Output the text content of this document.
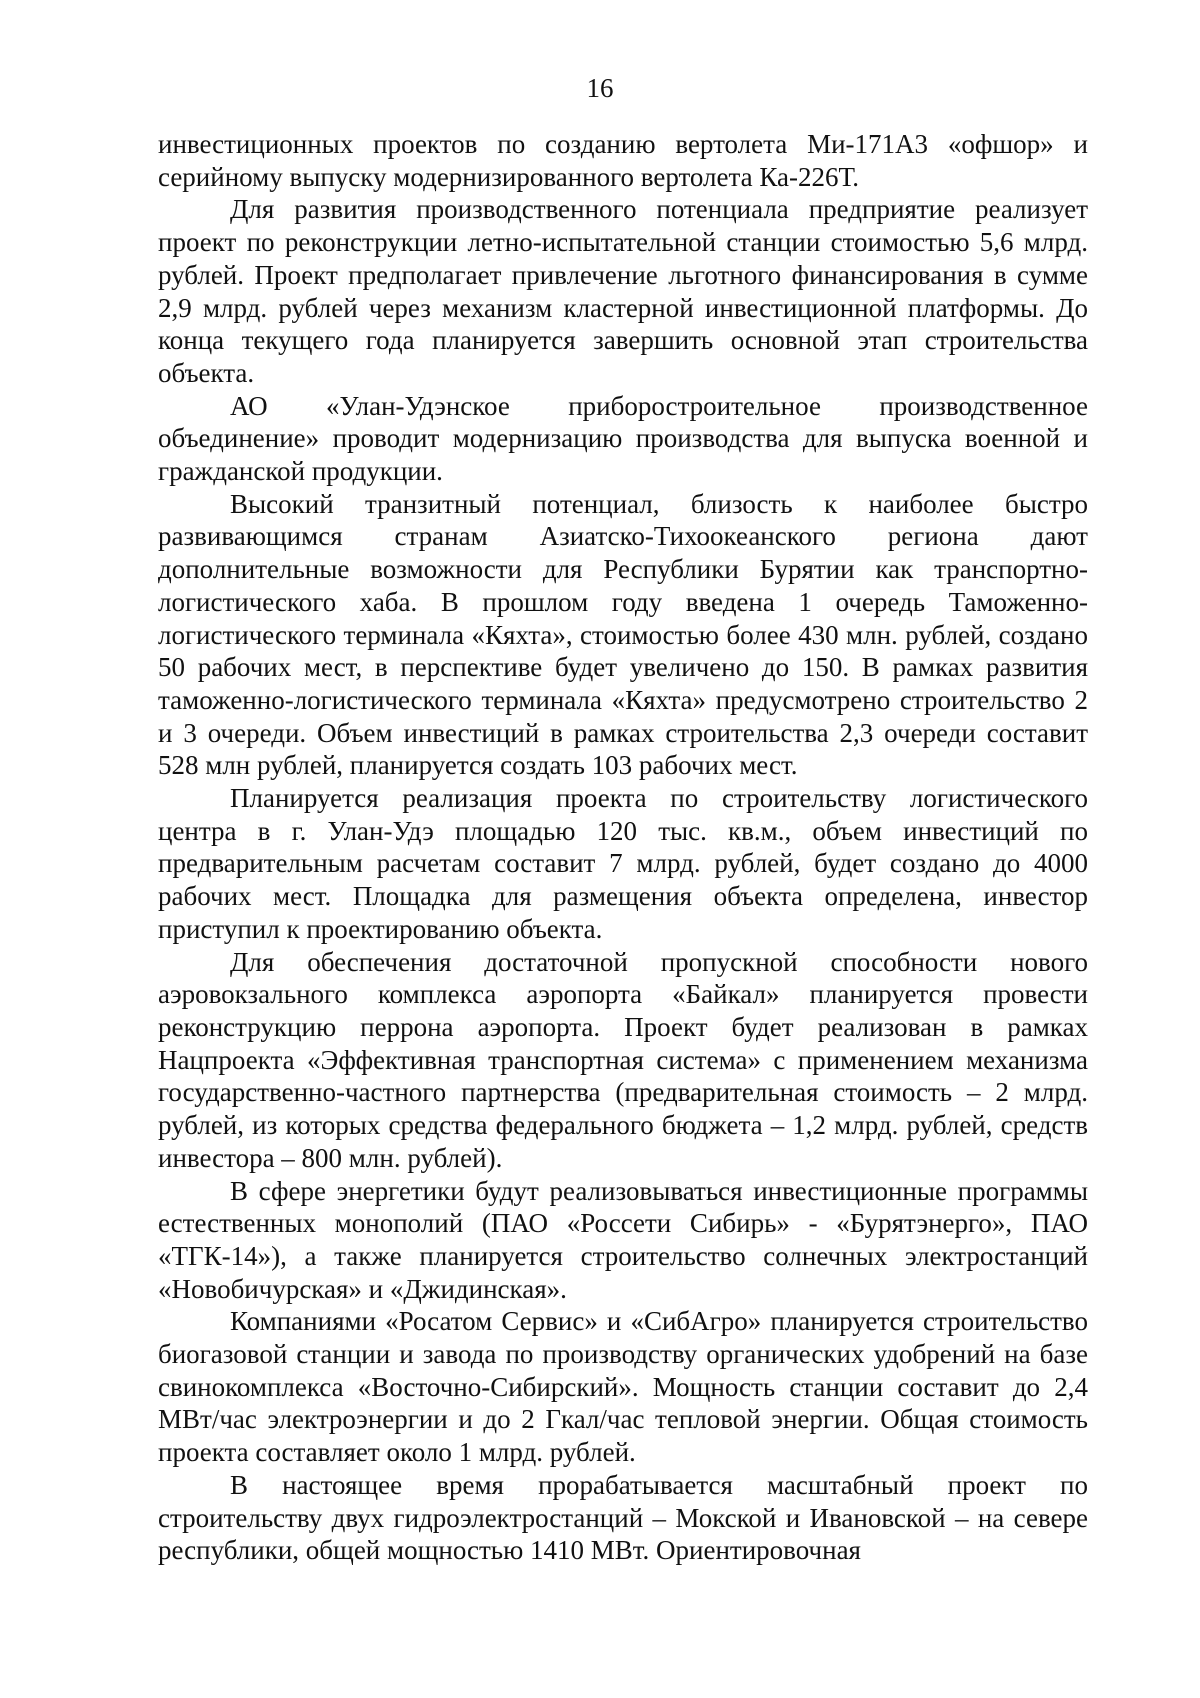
16

инвестиционных проектов по созданию вертолета Ми-171А3 «офшор» и серийному выпуску модернизированного вертолета Ка-226Т.

Для развития производственного потенциала предприятие реализует проект по реконструкции летно-испытательной станции стоимостью 5,6 млрд. рублей. Проект предполагает привлечение льготного финансирования в сумме 2,9 млрд. рублей через механизм кластерной инвестиционной платформы. До конца текущего года планируется завершить основной этап строительства объекта.

АО «Улан-Удэнское приборостроительное производственное объединение» проводит модернизацию производства для выпуска военной и гражданской продукции.

Высокий транзитный потенциал, близость к наиболее быстро развивающимся странам Азиатско-Тихоокеанского региона дают дополнительные возможности для Республики Бурятии как транспортно-логистического хаба. В прошлом году введена 1 очередь Таможенно-логистического терминала «Кяхта», стоимостью более 430 млн. рублей, создано 50 рабочих мест, в перспективе будет увеличено до 150. В рамках развития таможенно-логистического терминала «Кяхта» предусмотрено строительство 2 и 3 очереди. Объем инвестиций в рамках строительства 2,3 очереди составит 528 млн рублей, планируется создать 103 рабочих мест.

Планируется реализация проекта по строительству логистического центра в г. Улан-Удэ площадью 120 тыс. кв.м., объем инвестиций по предварительным расчетам составит 7 млрд. рублей, будет создано до 4000 рабочих мест. Площадка для размещения объекта определена, инвестор приступил к проектированию объекта.

Для обеспечения достаточной пропускной способности нового аэровокзального комплекса аэропорта «Байкал» планируется провести реконструкцию перрона аэропорта. Проект будет реализован в рамках Нацпроекта «Эффективная транспортная система» с применением механизма государственно-частного партнерства (предварительная стоимость – 2 млрд. рублей, из которых средства федерального бюджета – 1,2 млрд. рублей, средств инвестора – 800 млн. рублей).

В сфере энергетики будут реализовываться инвестиционные программы естественных монополий (ПАО «Россети Сибирь» - «Бурятэнерго», ПАО «ТГК-14»), а также планируется строительство солнечных электростанций «Новобичурская» и «Джидинская».

Компаниями «Росатом Сервис» и «СибАгро» планируется строительство биогазовой станции и завода по производству органических удобрений на базе свинокомплекса «Восточно-Сибирский». Мощность станции составит до 2,4 МВт/час электроэнергии и до 2 Гкал/час тепловой энергии. Общая стоимость проекта составляет около 1 млрд. рублей.

В настоящее время прорабатывается масштабный проект по строительству двух гидроэлектростанций – Мокской и Ивановской – на севере республики, общей мощностью 1410 МВт. Ориентировочная
